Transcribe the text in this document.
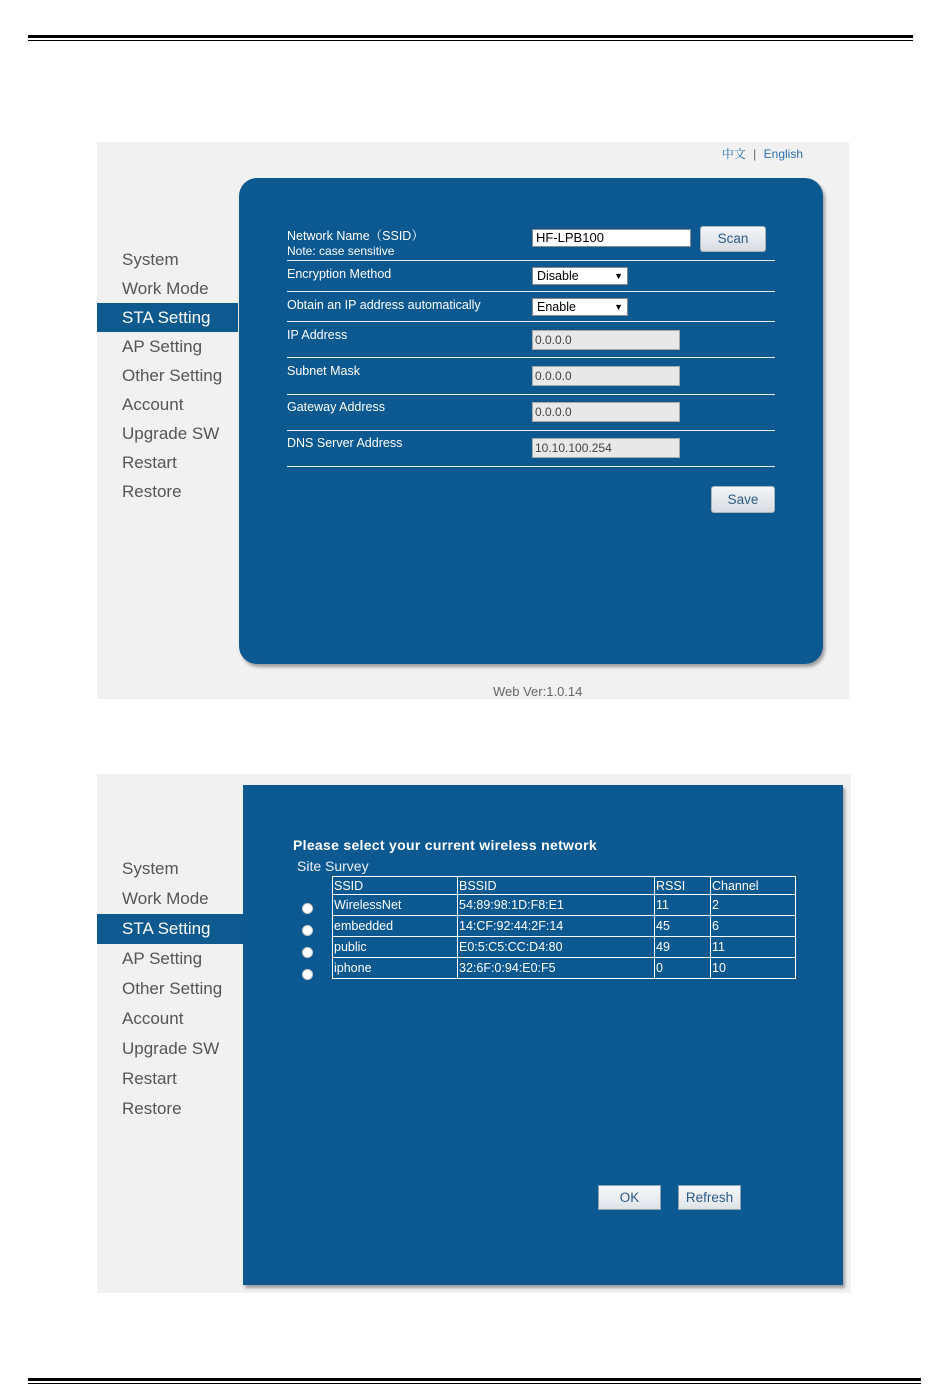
中文 | English
System
Work Mode
STA Setting
AP Setting
Other Setting
Account
Upgrade SW
Restart
Restore
Network Name（SSID）
Note: case sensitive
HF-LPB100
Scan
Encryption Method	Disable	▼
Obtain an IP address automatically	Enable	▼
IP Address	0.0.0.0
Subnet Mask	0.0.0.0
Gateway Address	0.0.0.0
DNS Server Address	10.10.100.254
Save
Web Ver:1.0.14
System
Work Mode
STA Setting
AP Setting
Other Setting
Account
Upgrade SW
Restart
Restore
Please select your current wireless network
Site Survey
SSID	BSSID	RSSI	Channel
WirelessNet	54:89:98:1D:F8:E1	11	2
embedded	14:CF:92:44:2F:14	45	6
public	E0:5:C5:CC:D4:80	49	11
iphone	32:6F:0:94:E0:F5	0	10
OK	Refresh
